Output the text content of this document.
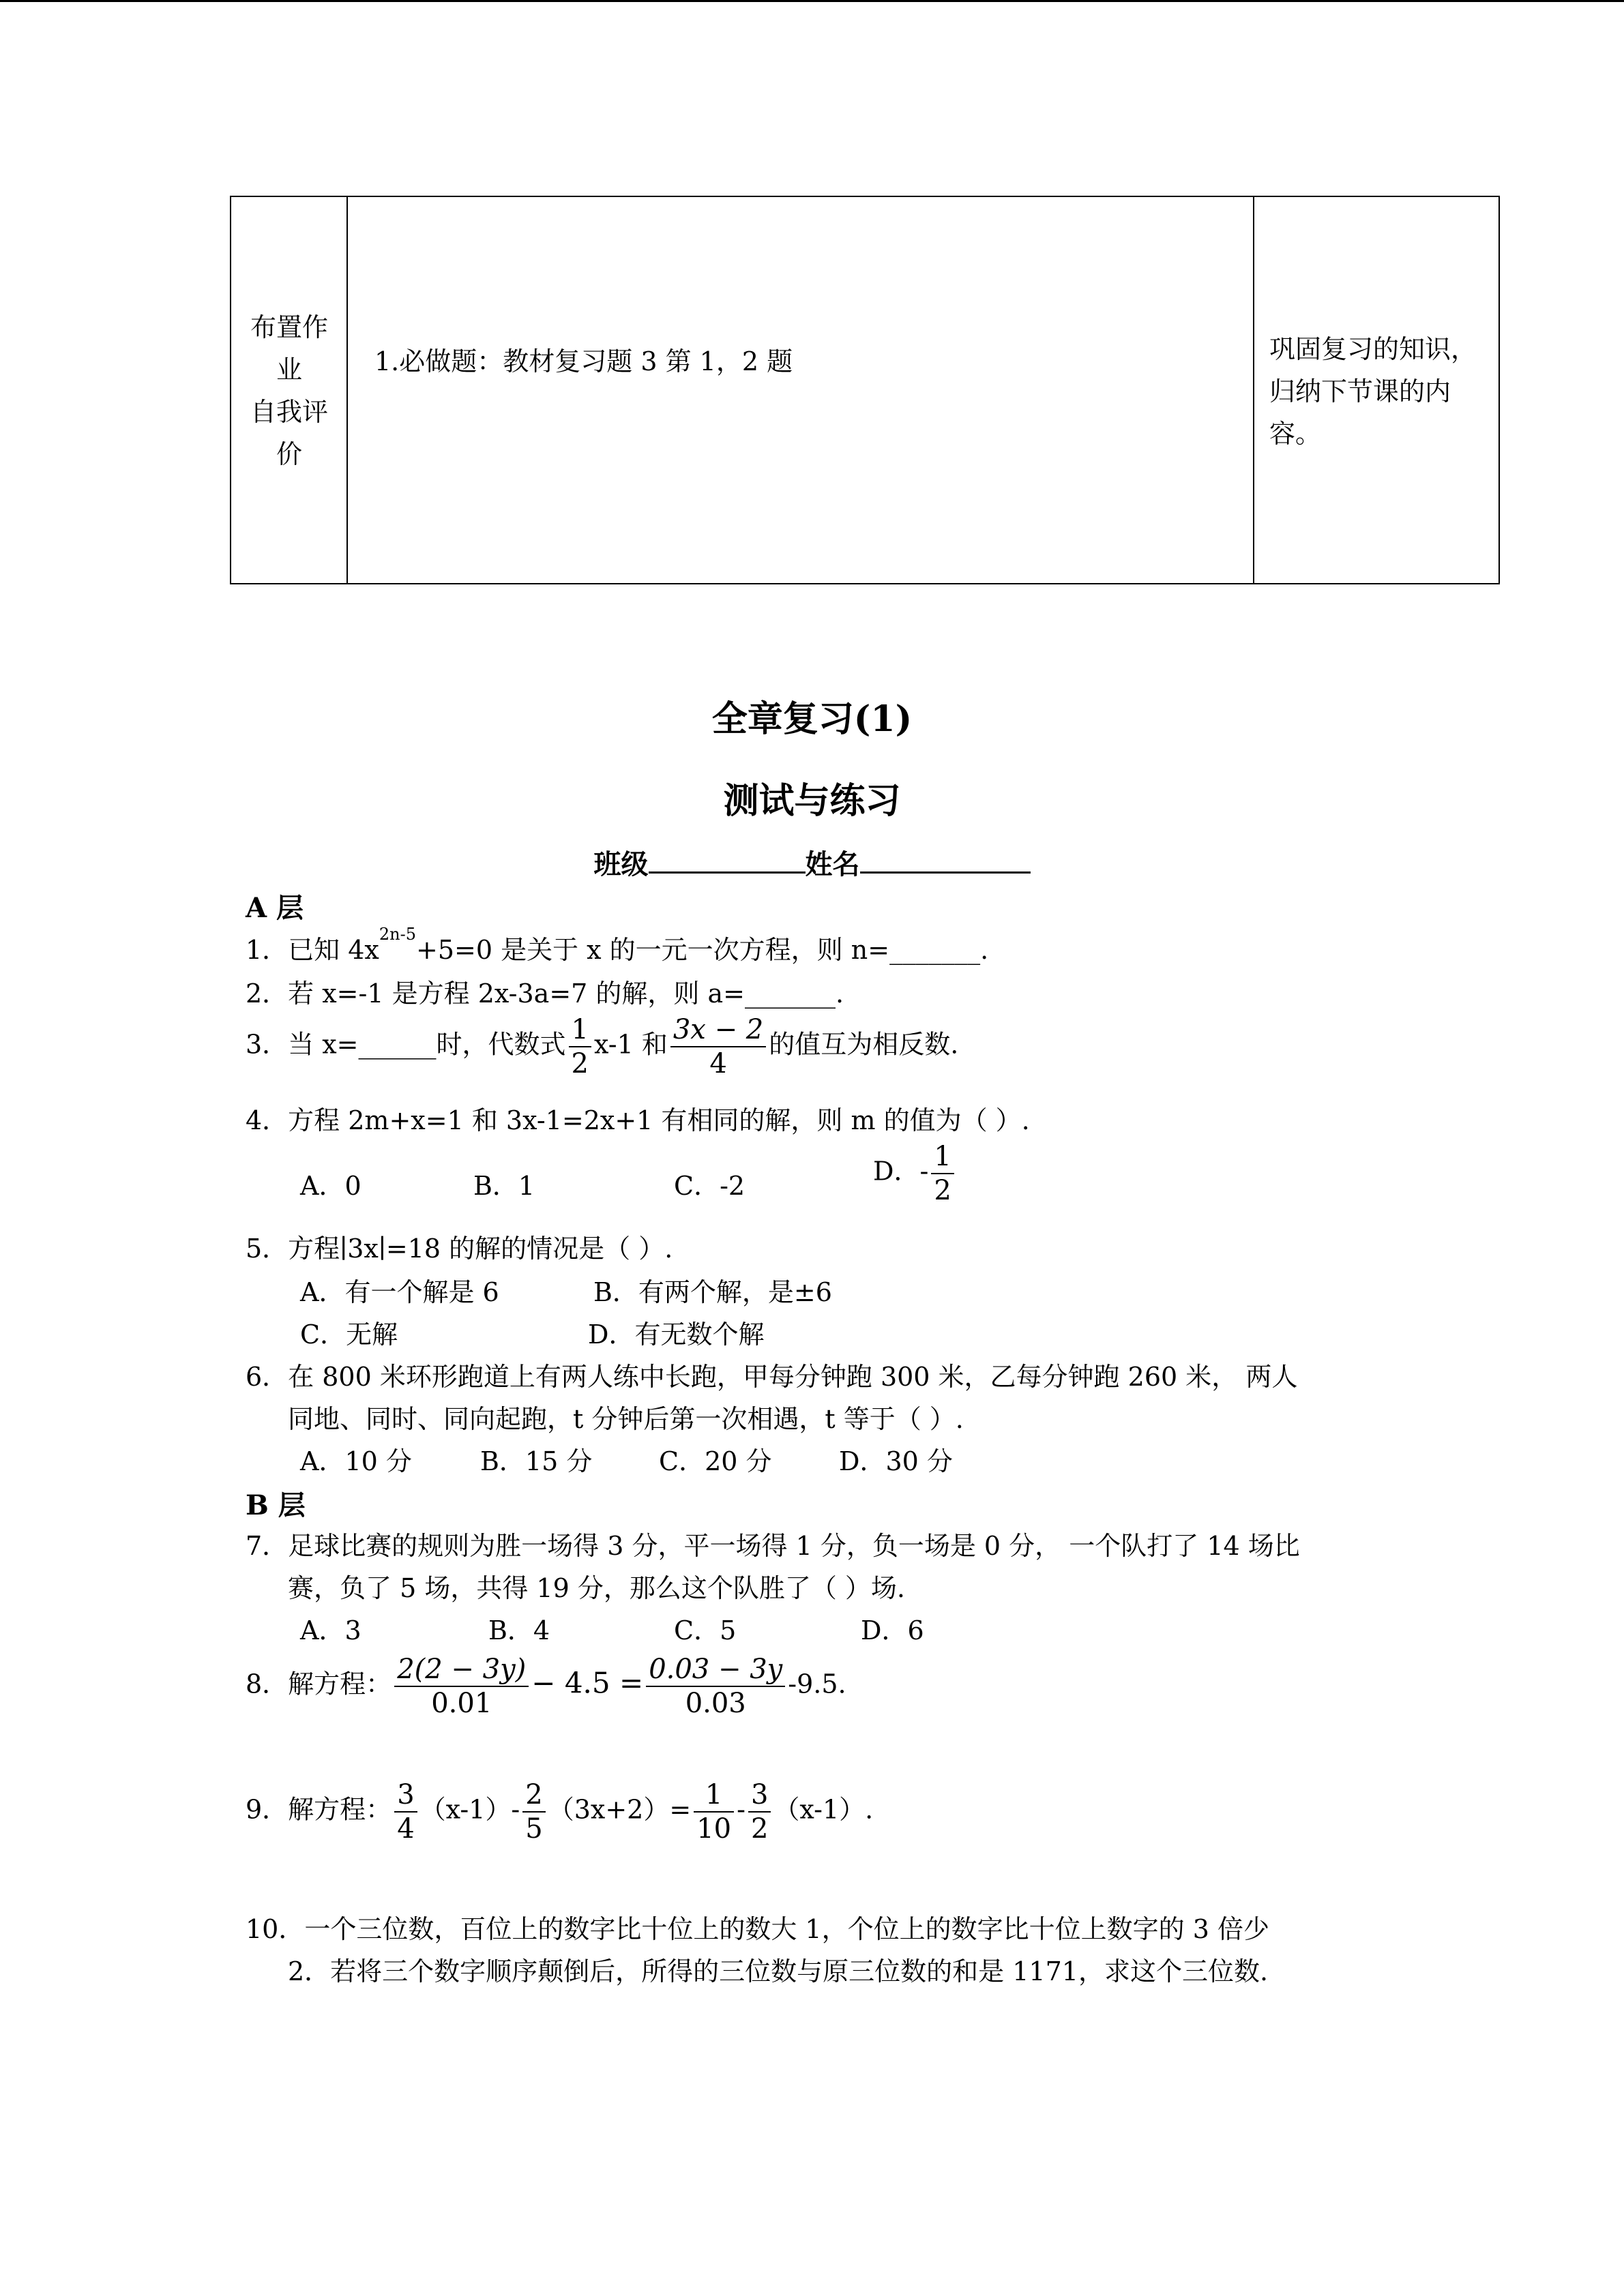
布置作
业
自我评
价
1.必做题：教材复习题 3 第 1，2 题	巩固复习的知识，归纳下节课的内容。
全章复习(1)
测试与练习
班级	姓名
A 层
1．已知 $4x^{2n-5}+5=0$ 是关于 x 的一元一次方程，则 n=_______.
2．若 x=-1 是方程 2x-3a=7 的解，则 a=_______.
3．当 x=______时，代数式 $\frac{1}{2} x-1$ 和 $\frac{3x - 2}{4}$ 的值互为相反数.
4．方程 2m+x=1 和 3x-1=2x+1 有相同的解，则 m 的值为（ ）.
A．0	B．1	C．-2	D．- $\frac{1}{2}$
5．方程∣3x∣=18 的解的情况是（ ）.
A．有一个解是 6	B．有两个解，是±6
C．无解	D．有无数个解
6．在 800 米环形跑道上有两人练中长跑，甲每分钟跑 300 米，乙每分钟跑 260 米， 两人
同地、同时、同向起跑，t 分钟后第一次相遇，t 等于（ ）.
A．10 分	B．15 分	C．20 分	D．30 分
B 层
7．足球比赛的规则为胜一场得 3 分，平一场得 1 分，负一场是 0 分， 一个队打了 14 场比
赛，负了 5 场，共得 19 分，那么这个队胜了（ ）场.
A．3	B．4	C．5	D．6
8．解方程： $\frac{2(2 - 3y)}{0.01} - 4.5 = \frac{0.03 - 3y}{0.03} -9.5$.
9．解方程： $\frac{3}{4} (x-1)- \frac{2}{5} (3x+2)= \frac{1}{10} - \frac{3}{2} (x-1)$.
10．一个三位数，百位上的数字比十位上的数大 1，个位上的数字比十位上数字的 3 倍少
2．若将三个数字顺序颠倒后，所得的三位数与原三位数的和是 1171，求这个三位数.
